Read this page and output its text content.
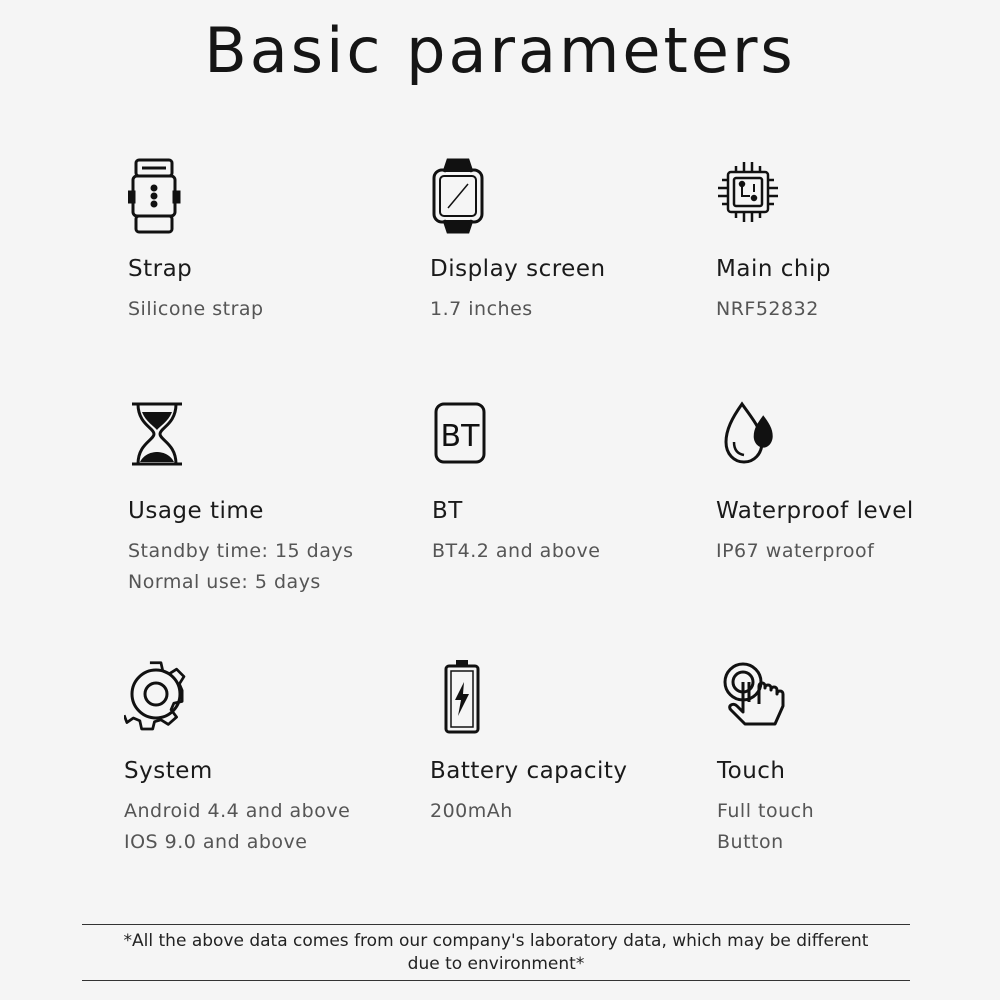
Basic parameters
Strap
Silicone strap
Display screen
1.7 inches
Main chip
NRF52832
Usage time
Standby time: 15 days
Normal use: 5 days
BT
BT
BT4.2 and above
Waterproof level
IP67 waterproof
System
Android 4.4 and above
IOS 9.0 and above
Battery capacity
200mAh
Touch
Full touch
Button
*All the above data comes from our company's laboratory data, which may be different
due to environment*
